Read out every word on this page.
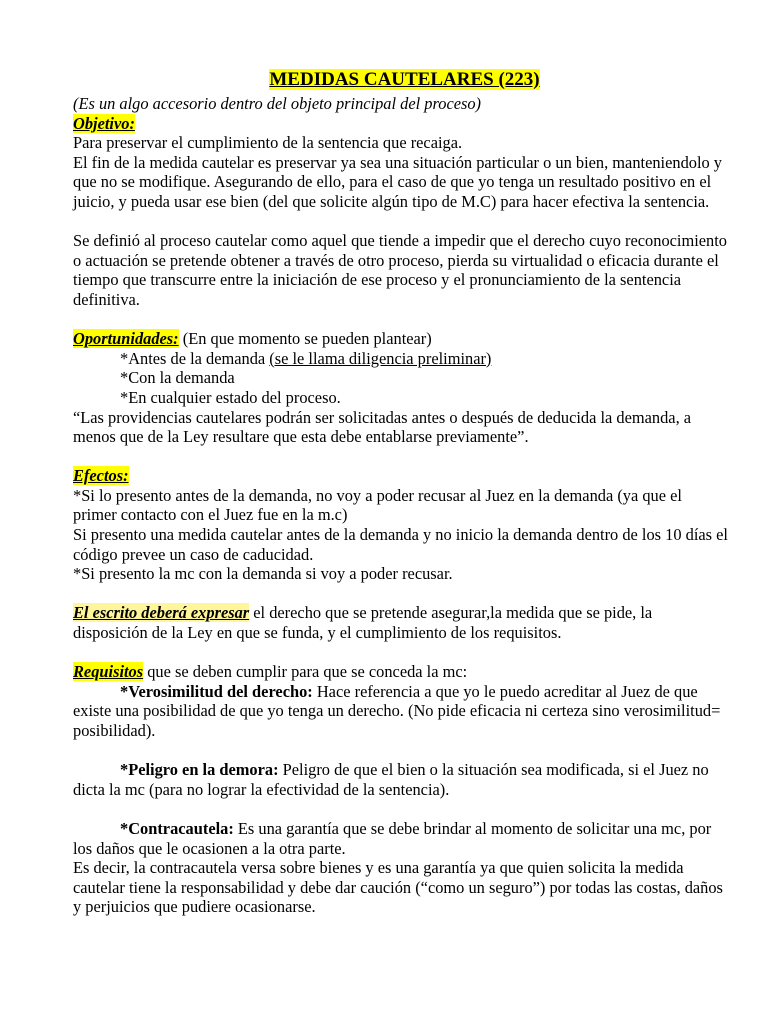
MEDIDAS CAUTELARES (223)

(Es un algo accesorio dentro del objeto principal del proceso)

Objetivo:

Para preservar el cumplimiento de la sentencia que recaiga.

El fin de la medida cautelar es preservar ya sea una situación particular o un bien, manteniendolo y que no se modifique. Asegurando de ello, para el caso de que yo tenga un resultado positivo en el juicio, y pueda usar ese bien (del que solicite algún tipo de M.C) para hacer efectiva la sentencia.

Se definió al proceso cautelar como aquel que tiende a impedir que el derecho cuyo reconocimiento o actuación se pretende obtener a través de otro proceso, pierda su virtualidad o eficacia durante el tiempo que transcurre entre la iniciación de ese proceso y el pronunciamiento de la sentencia definitiva.

Oportunidades: (En que momento se pueden plantear)

*Antes de la demanda (se le llama diligencia preliminar)

*Con la demanda

*En cualquier estado del proceso.

“Las providencias cautelares podrán ser solicitadas antes o después de deducida la demanda, a menos que de la Ley resultare que esta debe entablarse previamente”.

Efectos:

*Si lo presento antes de la demanda, no voy a poder recusar al Juez en la demanda (ya que el primer contacto con el Juez fue en la m.c)

Si presento una medida cautelar antes de la demanda y no inicio la demanda dentro de los 10 días el código prevee un caso de caducidad.

*Si presento la mc con la demanda si voy a poder recusar.

El escrito deberá expresar el derecho que se pretende asegurar,la medida que se pide, la disposición de la Ley en que se funda, y el cumplimiento de los requisitos.

Requisitos que se deben cumplir para que se conceda la mc:

*Verosimilitud del derecho: Hace referencia a que yo le puedo acreditar al Juez de que existe una posibilidad de que yo tenga un derecho. (No pide eficacia ni certeza sino verosimilitud= posibilidad).

*Peligro en la demora: Peligro de que el bien o la situación sea modificada, si el Juez no dicta la mc (para no lograr la efectividad de la sentencia).

*Contracautela: Es una garantía que se debe brindar al momento de solicitar una mc, por los daños que le ocasionen a la otra parte.

Es decir, la contracautela versa sobre bienes y es una garantía ya que quien solicita la medida cautelar tiene la responsabilidad y debe dar caución (“como un seguro”) por todas las costas, daños y perjuicios que pudiere ocasionarse.
